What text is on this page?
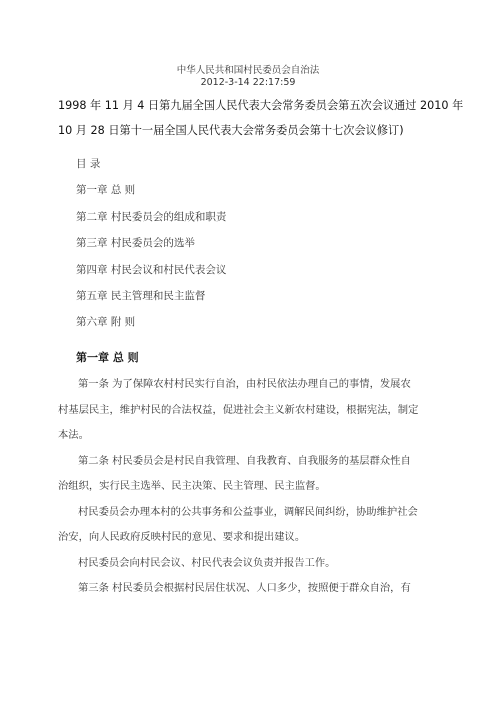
中华人民共和国村民委员会自治法
2012-3-14 22:17:59
1998 年 11 月 4 日第九届全国人民代表大会常务委员会第五次会议通过 2010 年
10 月 28 日第十一届全国人民代表大会常务委员会第十七次会议修订)
目 录
第一章 总 则
第二章 村民委员会的组成和职责
第三章 村民委员会的选举
第四章 村民会议和村民代表会议
第五章 民主管理和民主监督
第六章 附 则
第一章 总 则

第一条 为了保障农村村民实行自治，由村民依法办理自己的事情，发展农
村基层民主，维护村民的合法权益，促进社会主义新农村建设，根据宪法，制定
本法。

第二条 村民委员会是村民自我管理、自我教育、自我服务的基层群众性自
治组织，实行民主选举、民主决策、民主管理、民主监督。

村民委员会办理本村的公共事务和公益事业，调解民间纠纷，协助维护社会
治安，向人民政府反映村民的意见、要求和提出建议。

村民委员会向村民会议、村民代表会议负责并报告工作。

第三条 村民委员会根据村民居住状况、人口多少，按照便于群众自治，有
